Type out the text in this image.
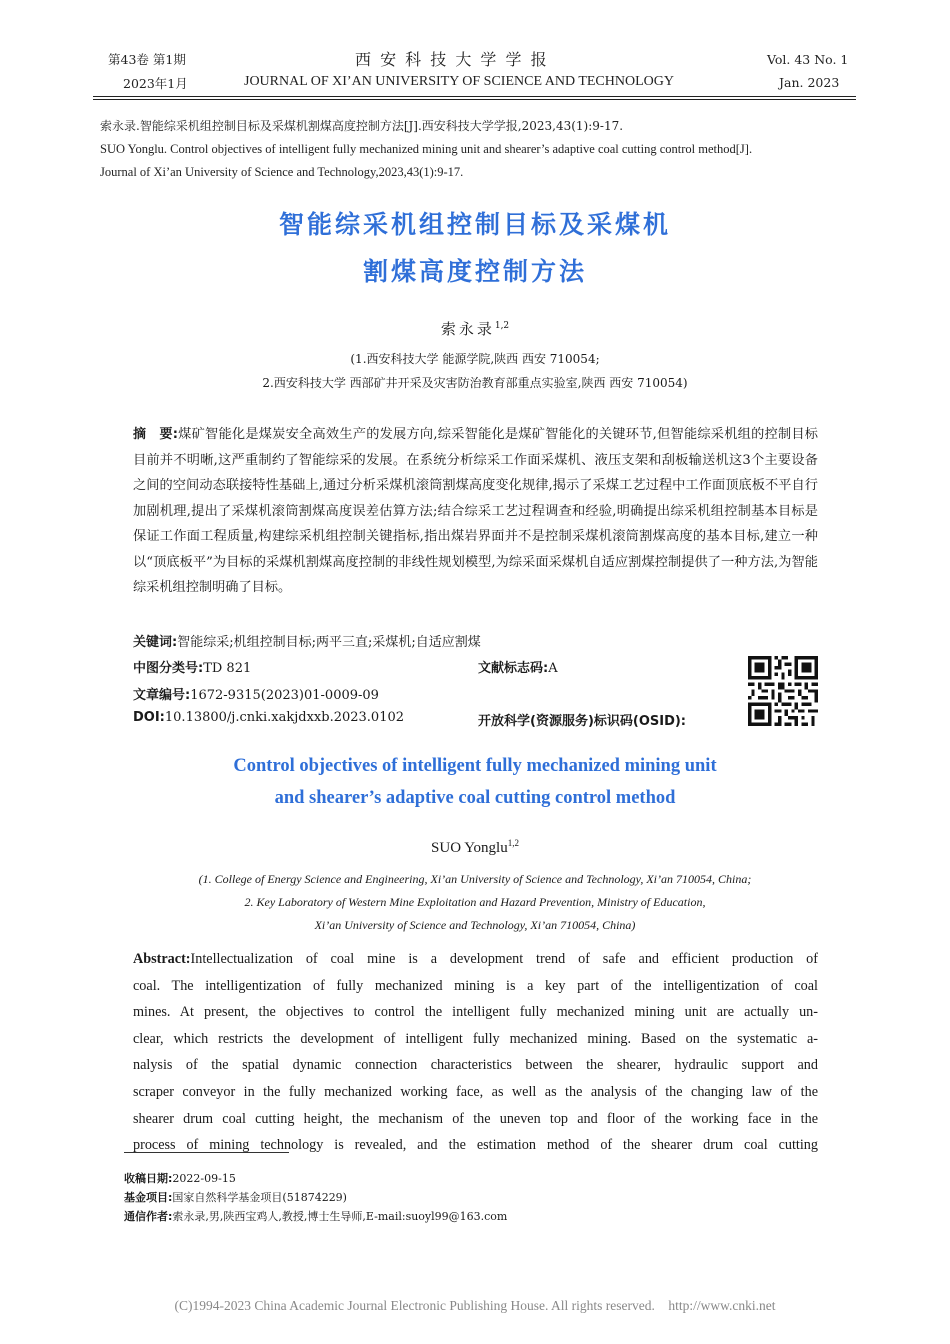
第43卷 第1期	西 安 科 技 大 学 学 报	Vol. 43 No. 1
2023年1月	JOURNAL OF XI’AN UNIVERSITY OF SCIENCE AND TECHNOLOGY	Jan. 2023
索永录.智能综采机组控制目标及采煤机割煤高度控制方法[J].西安科技大学学报,2023,43(1):9-17.
SUO Yonglu. Control objectives of intelligent fully mechanized mining unit and shearer’s adaptive coal cutting control method[J].
Journal of Xi’an University of Science and Technology,2023,43(1):9-17.
智能综采机组控制目标及采煤机
割煤高度控制方法
索永录$^{1,2}$
(1.西安科技大学 能源学院,陕西 西安 710054;
2.西安科技大学 西部矿井开采及灾害防治教育部重点实验室,陕西 西安 710054)
摘　要:煤矿智能化是煤炭安全高效生产的发展方向,综采智能化是煤矿智能化的关键环节,但智能综采机组的控制目标目前并不明晰,这严重制约了智能综采的发展。在系统分析综采工作面采煤机、液压支架和刮板输送机这3个主要设备之间的空间动态联接特性基础上,通过分析采煤机滚筒割煤高度变化规律,揭示了采煤工艺过程中工作面顶底板不平自行加剧机理,提出了采煤机滚筒割煤高度误差估算方法;结合综采工艺过程调查和经验,明确提出综采机组控制基本目标是保证工作面工程质量,构建综采机组控制关键指标,指出煤岩界面并不是控制采煤机滚筒割煤高度的基本目标,建立一种以“顶底板平”为目标的采煤机割煤高度控制的非线性规划模型,为综采面采煤机自适应割煤控制提供了一种方法,为智能综采机组控制明确了目标。
关键词:智能综采;机组控制目标;两平三直;采煤机;自适应割煤
中图分类号:TD 821	文献标志码:A
文章编号:1672-9315(2023)01-0009-09
DOI:10.13800/j.cnki.xakjdxxb.2023.0102	开放科学(资源服务)标识码(OSID):
Control objectives of intelligent fully mechanized mining unit
and shearer’s adaptive coal cutting control method
SUO Yonglu$^{1,2}$
(1. College of Energy Science and Engineering, Xi’an University of Science and Technology, Xi’an 710054, China;
2. Key Laboratory of Western Mine Exploitation and Hazard Prevention, Ministry of Education,
Xi’an University of Science and Technology, Xi’an 710054, China)
Abstract:Intellectualization of coal mine is a development trend of safe and efficient production of
coal. The intelligentization of fully mechanized mining is a key part of the intelligentization of coal
mines. At present, the objectives to control the intelligent fully mechanized mining unit are actually un-
clear, which restricts the development of intelligent fully mechanized mining. Based on the systematic a-
nalysis of the spatial dynamic connection characteristics between the shearer, hydraulic support and
scraper conveyor in the fully mechanized working face, as well as the analysis of the changing law of the
shearer drum coal cutting height, the mechanism of the uneven top and floor of the working face in the
process of mining technology is revealed, and the estimation method of the shearer drum coal cutting
收稿日期:2022-09-15
基金项目:国家自然科学基金项目(51874229)
通信作者:索永录,男,陕西宝鸡人,教授,博士生导师,E-mail:suoyl99@163.com
(C)1994-2023 China Academic Journal Electronic Publishing House. All rights reserved.    http://www.cnki.net
